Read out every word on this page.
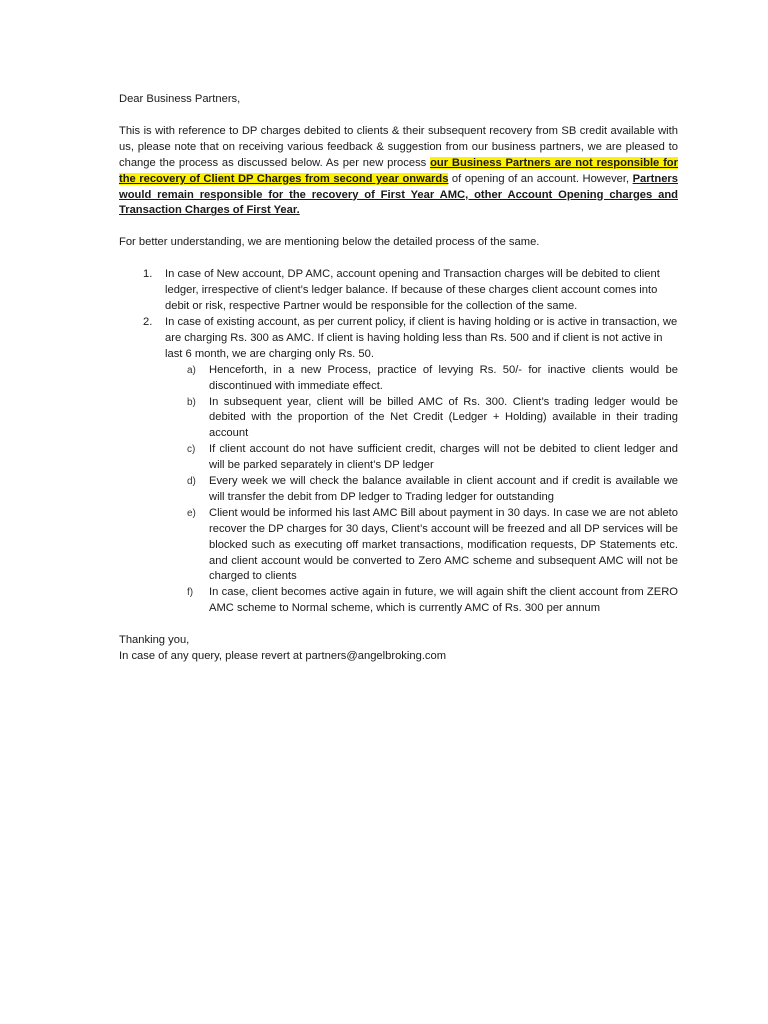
Dear Business Partners,

This is with reference to DP charges debited to clients & their subsequent recovery from SB credit available with us, please note that on receiving various feedback & suggestion from our business partners, we are pleased to change the process as discussed below. As per new process our Business Partners are not responsible for the recovery of Client DP Charges from second year onwards of opening of an account. However, Partners would remain responsible for the recovery of First Year AMC, other Account Opening charges and Transaction Charges of First Year.

For better understanding, we are mentioning below the detailed process of the same.

1. In case of New account, DP AMC, account opening and Transaction charges will be debited to client ledger, irrespective of client’s ledger balance. If because of these charges client account comes into debit or risk, respective Partner would be responsible for the collection of the same.
2. In case of existing account, as per current policy, if client is having holding or is active in transaction, we are charging Rs. 300 as AMC. If client is having holding less than Rs. 500 and if client is not active in last 6 month, we are charging only Rs. 50.
a) Henceforth, in a new Process, practice of levying Rs. 50/- for inactive clients would be discontinued with immediate effect.
b) In subsequent year, client will be billed AMC of Rs. 300. Client’s trading ledger would be debited with the proportion of the Net Credit (Ledger + Holding) available in their trading account
c) If client account do not have sufficient credit, charges will not be debited to client ledger and will be parked separately in client’s DP ledger
d) Every week we will check the balance available in client account and if credit is available we will transfer the debit from DP ledger to Trading ledger for outstanding
e) Client would be informed his last AMC Bill about payment in 30 days. In case we are not ableto recover the DP charges for 30 days, Client’s account will be freezed and all DP services will be blocked such as executing off market transactions, modification requests, DP Statements etc. and client account would be converted to Zero AMC scheme and subsequent AMC will not be charged to clients
f) In case, client becomes active again in future, we will again shift the client account from ZERO AMC scheme to Normal scheme, which is currently AMC of Rs. 300 per annum

Thanking you,

In case of any query, please revert at partners@angelbroking.com
